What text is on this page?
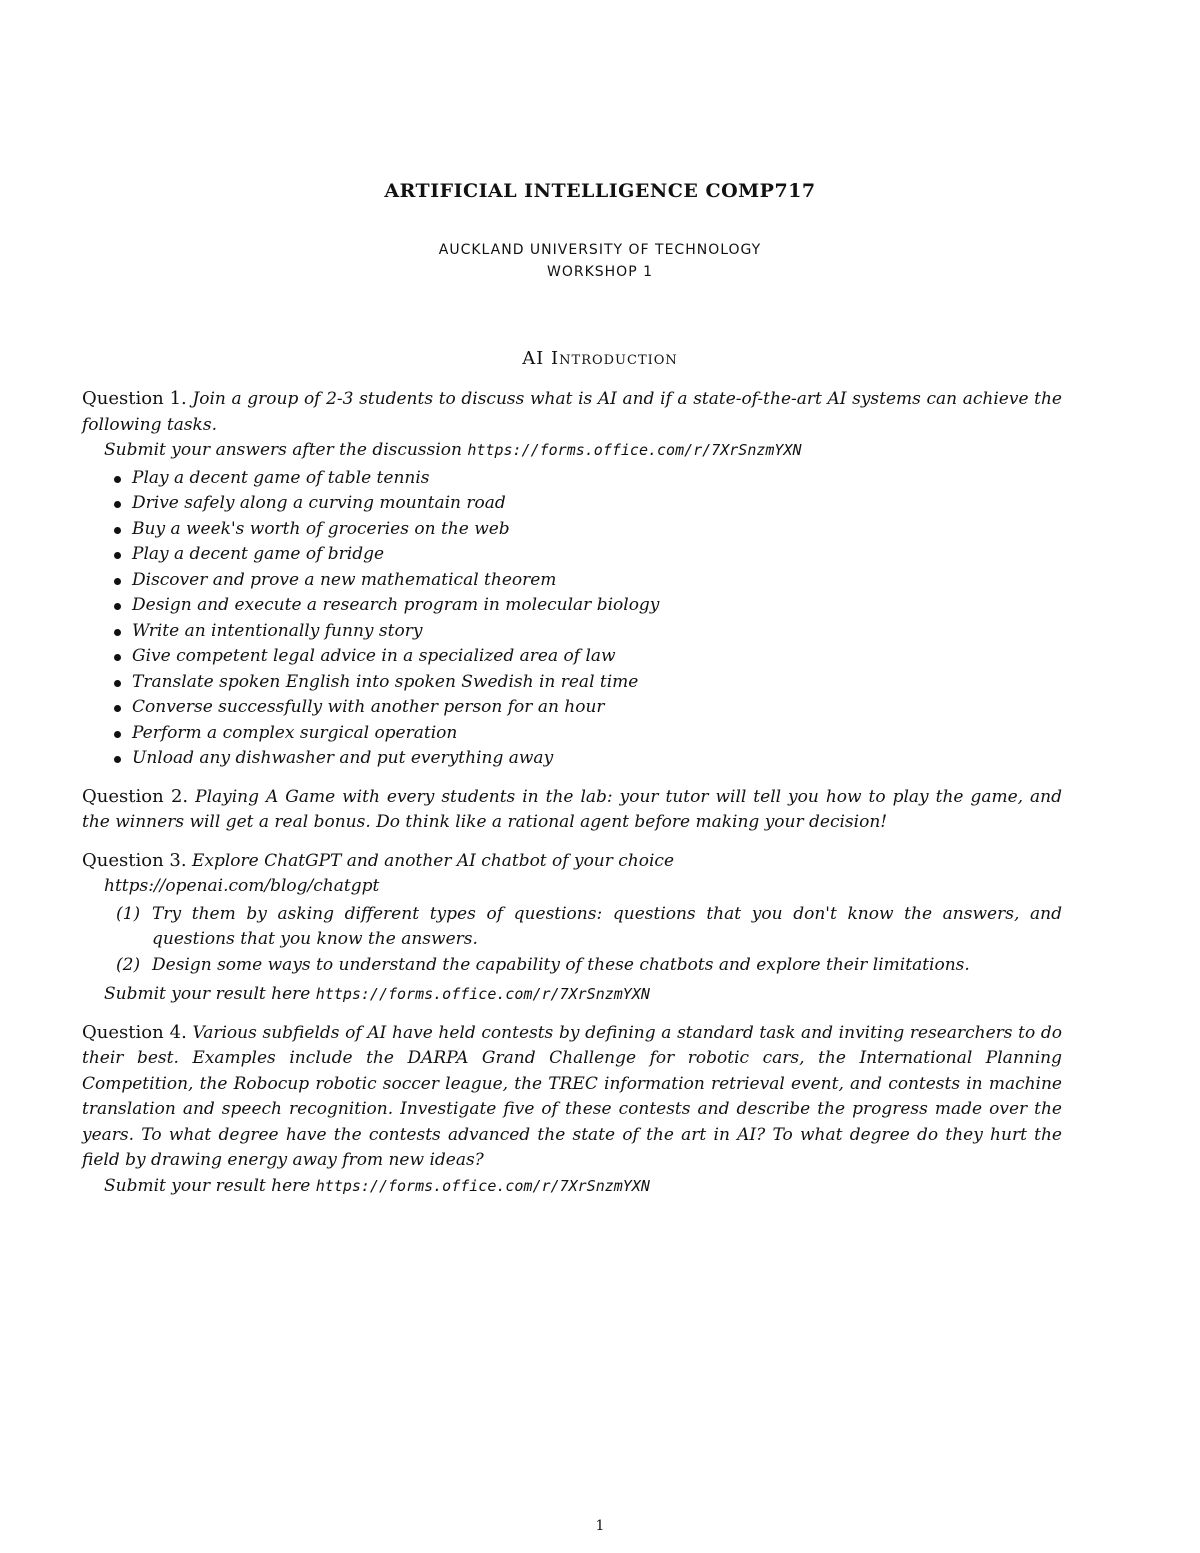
ARTIFICIAL INTELLIGENCE COMP717
AUCKLAND UNIVERSITY OF TECHNOLOGY
WORKSHOP 1
AI Introduction

Question 1. Join a group of 2-3 students to discuss what is AI and if a state-of-the-art AI systems can achieve the following tasks.

Submit your answers after the discussion https://forms.office.com/r/7XrSnzmYXN
Play a decent game of table tennis
Drive safely along a curving mountain road
Buy a week's worth of groceries on the web
Play a decent game of bridge
Discover and prove a new mathematical theorem
Design and execute a research program in molecular biology
Write an intentionally funny story
Give competent legal advice in a specialized area of law
Translate spoken English into spoken Swedish in real time
Converse successfully with another person for an hour
Perform a complex surgical operation
Unload any dishwasher and put everything away

Question 2. Playing A Game with every students in the lab: your tutor will tell you how to play the game, and the winners will get a real bonus. Do think like a rational agent before making your decision!

Question 3. Explore ChatGPT and another AI chatbot of your choice

https://openai.com/blog/chatgpt
(1) Try them by asking different types of questions: questions that you don't know the answers, and questions that you know the answers.
(2) Design some ways to understand the capability of these chatbots and explore their limitations.
Submit your result here https://forms.office.com/r/7XrSnzmYXN

Question 4. Various subfields of AI have held contests by defining a standard task and inviting researchers to do their best. Examples include the DARPA Grand Challenge for robotic cars, the International Planning Competition, the Robocup robotic soccer league, the TREC information retrieval event, and contests in machine translation and speech recognition. Investigate five of these contests and describe the progress made over the years. To what degree have the contests advanced the state of the art in AI? To what degree do they hurt the field by drawing energy away from new ideas?

Submit your result here https://forms.office.com/r/7XrSnzmYXN
1
